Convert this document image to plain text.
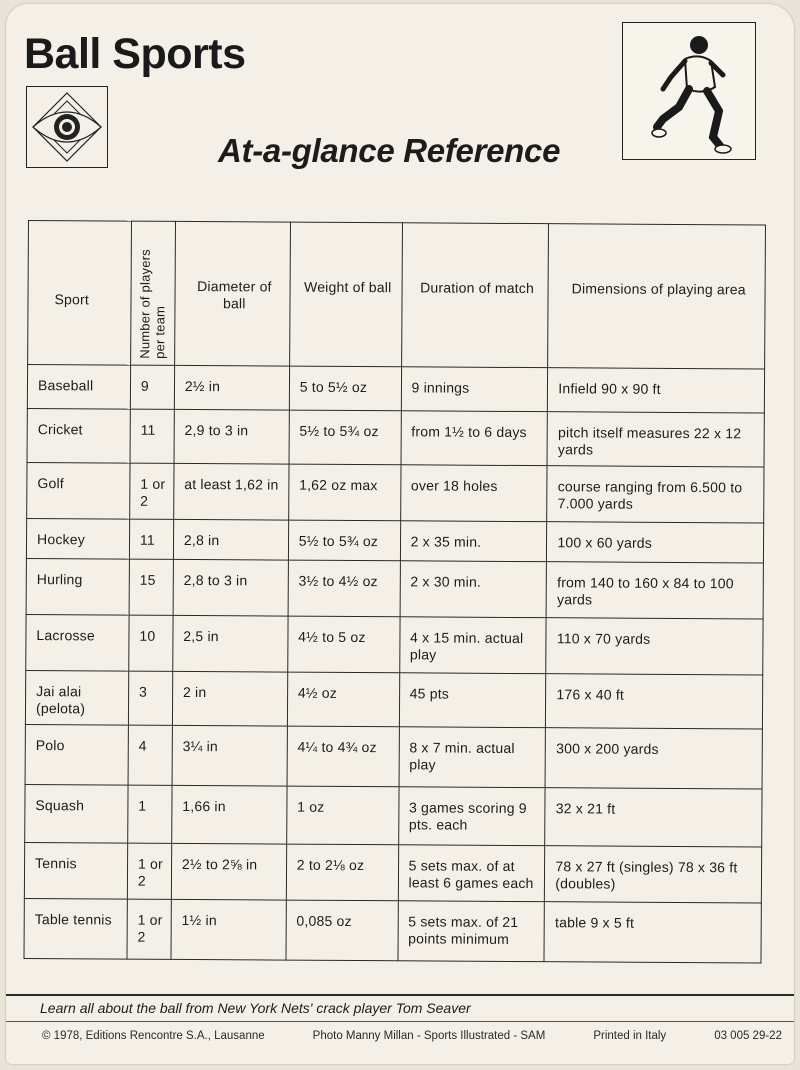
Ball Sports
At-a-glance Reference
Sport	Number of players per team	Diameter of ball	Weight of ball	Duration of match	Dimensions of playing area
Baseball	9	2½ in	5 to 5½ oz	9 innings	Infield 90 x 90 ft
Cricket	11	2,9 to 3 in	5½ to 5¾ oz	from 1½ to 6 days	pitch itself measures 22 x 12 yards
Golf	1 or 2	at least 1,62 in	1,62 oz max	over 18 holes	course ranging from 6.500 to 7.000 yards
Hockey	11	2,8 in	5½ to 5¾ oz	2 x 35 min.	100 x 60 yards
Hurling	15	2,8 to 3 in	3½ to 4½ oz	2 x 30 min.	from 140 to 160 x 84 to 100 yards
Lacrosse	10	2,5 in	4½ to 5 oz	4 x 15 min. actual play	110 x 70 yards
Jai alai (pelota)	3	2 in	4½ oz	45 pts	176 x 40 ft
Polo	4	3¼ in	4¼ to 4¾ oz	8 x 7 min. actual play	300 x 200 yards
Squash	1	1,66 in	1 oz	3 games scoring 9 pts. each	32 x 21 ft
Tennis	1 or 2	2½ to 2⅝ in	2 to 2⅛ oz	5 sets max. of at least 6 games each	78 x 27 ft (singles) 78 x 36 ft (doubles)
Table tennis	1 or 2	1½ in	0,085 oz	5 sets max. of 21 points minimum	table 9 x 5 ft
Learn all about the ball from New York Nets' crack player Tom Seaver
© 1978, Editions Rencontre S.A., Lausanne	Photo Manny Millan - Sports Illustrated - SAM	Printed in Italy	03 005 29-22
